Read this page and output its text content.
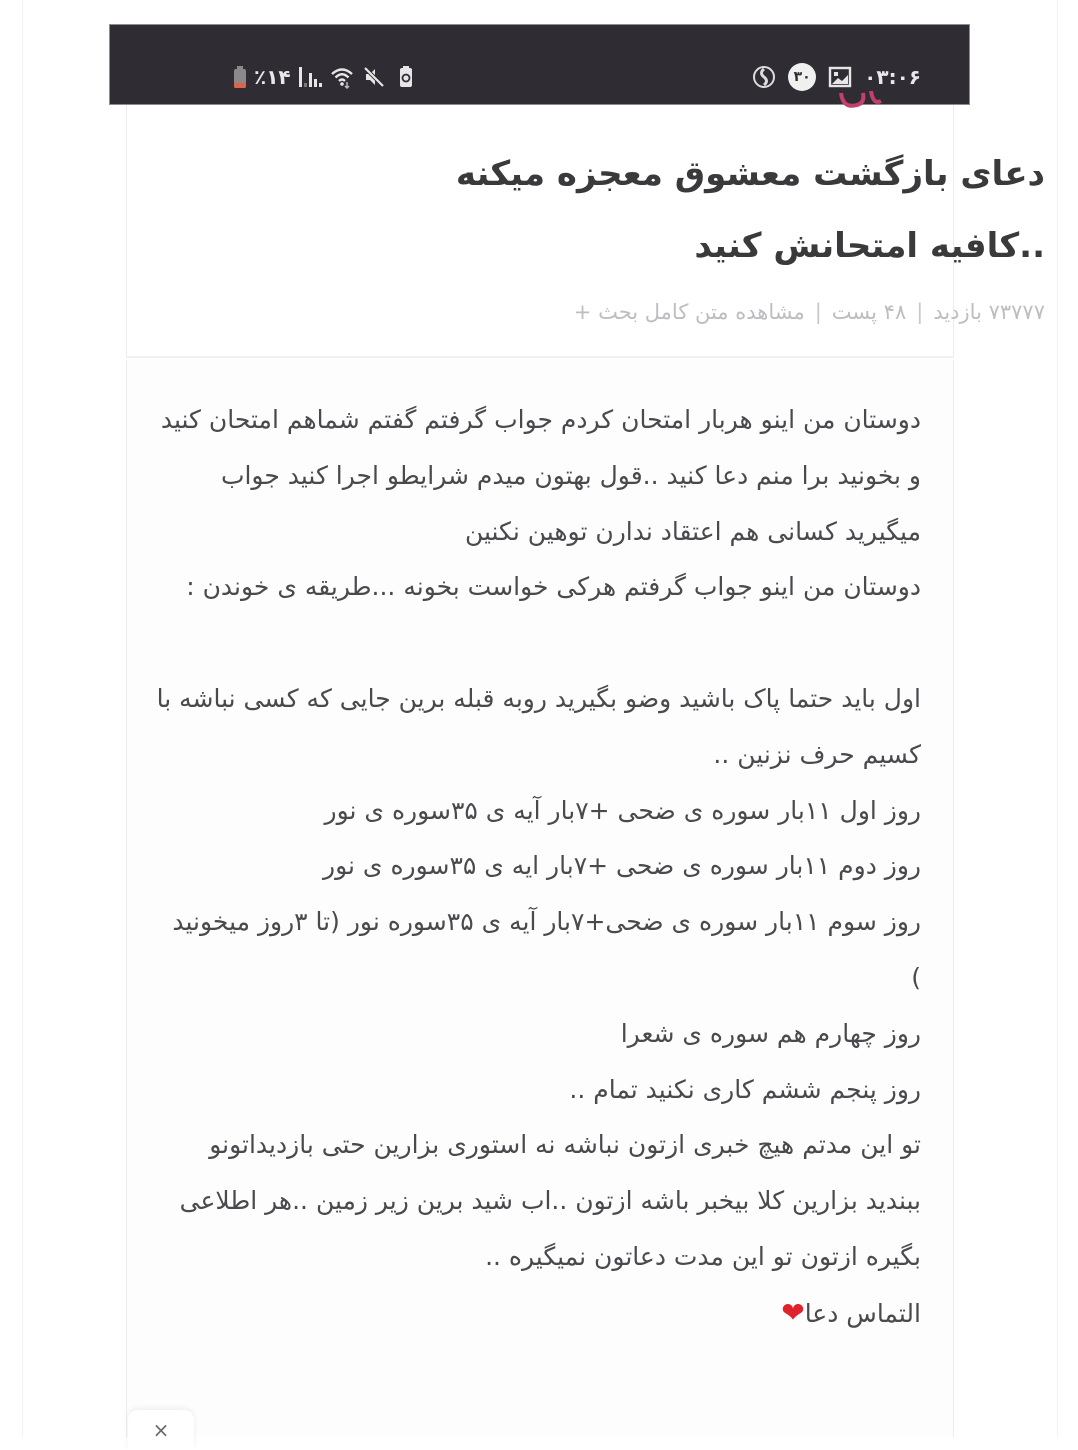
٪۱۴	۳۰	۰۳:۰۶
دعای بازگشت معشوق معجزه میکنه ..کافیه امتحانش کنید
۷۳۷۷۷ بازدید
|
۴۸ پست
|
مشاهده متن کامل بحث +

دوستان من اینو هربار امتحان کردم جواب گرفتم گفتم شماهم امتحان کنید و بخونید برا منم دعا کنید ..قول بهتون میدم شرایطو اجرا کنید جواب میگیرید کسانی هم اعتقاد ندارن توهین نکنین

دوستان من اینو جواب گرفتم هرکی خواست بخونه ...طریقه ی خوندن :

اول باید حتما پاک باشید وضو بگیرید روبه قبله برین جایی که کسی نباشه با کسیم حرف نزنین ..

روز اول ۱۱بار سوره ی ضحی +۷بار آیه ی ۳۵سوره ی نور

روز دوم ۱۱بار سوره ی ضحی +۷بار ایه ی ۳۵سوره ی نور

روز سوم ۱۱بار سوره ی ضحی+۷بار آیه ی ۳۵سوره نور (تا ۳روز میخونید )

روز چهارم هم سوره ی شعرا

روز پنجم ششم کاری نکنید تمام ..

تو این مدتم هیچ خبری ازتون نباشه نه استوری بزارین حتی بازدیداتونو ببندید بزارین کلا بیخبر باشه ازتون ..اب شید برین زیر زمین ..هر اطلاعی بگیره ازتون تو این مدت دعاتون نمیگیره ..

التماس دعا❤

×
